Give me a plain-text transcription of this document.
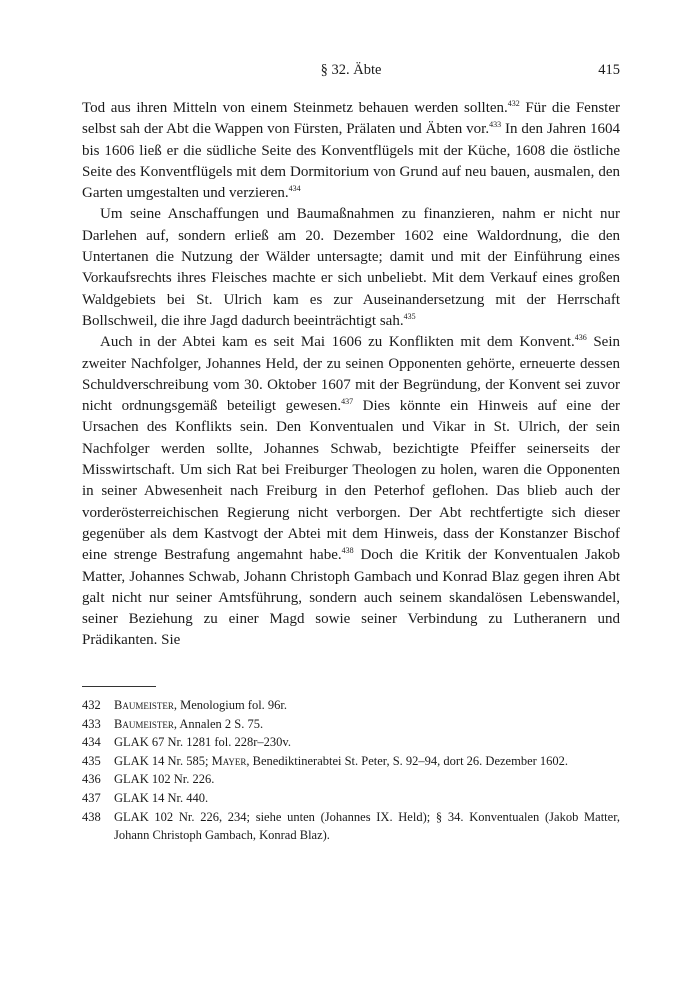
§ 32. Äbte	415

Tod aus ihren Mitteln von einem Steinmetz behauen werden sollten.$^{432}$ Für die Fenster selbst sah der Abt die Wappen von Fürsten, Prälaten und Äbten vor.$^{433}$ In den Jahren 1604 bis 1606 ließ er die südliche Seite des Konventflügels mit der Küche, 1608 die östliche Seite des Konventflügels mit dem Dormitorium von Grund auf neu bauen, ausmalen, den Garten umgestalten und verzieren.$^{434}$

Um seine Anschaffungen und Baumaßnahmen zu finanzieren, nahm er nicht nur Darlehen auf, sondern erließ am 20. Dezember 1602 eine Waldordnung, die den Untertanen die Nutzung der Wälder untersagte; damit und mit der Einführung eines Vorkaufsrechts ihres Fleisches machte er sich unbeliebt. Mit dem Verkauf eines großen Waldgebiets bei St. Ulrich kam es zur Auseinandersetzung mit der Herrschaft Bollschweil, die ihre Jagd dadurch beeinträchtigt sah.$^{435}$

Auch in der Abtei kam es seit Mai 1606 zu Konflikten mit dem Konvent.$^{436}$ Sein zweiter Nachfolger, Johannes Held, der zu seinen Opponenten gehörte, erneuerte dessen Schuldverschreibung vom 30. Oktober 1607 mit der Begründung, der Konvent sei zuvor nicht ordnungsgemäß beteiligt gewesen.$^{437}$ Dies könnte ein Hinweis auf eine der Ursachen des Konflikts sein. Den Konventualen und Vikar in St. Ulrich, der sein Nachfolger werden sollte, Johannes Schwab, bezichtigte Pfeiffer seinerseits der Misswirtschaft. Um sich Rat bei Freiburger Theologen zu holen, waren die Opponenten in seiner Abwesenheit nach Freiburg in den Peterhof geflohen. Das blieb auch der vorderösterreichischen Regierung nicht verborgen. Der Abt rechtfertigte sich dieser gegenüber als dem Kastvogt der Abtei mit dem Hinweis, dass der Konstanzer Bischof eine strenge Bestrafung angemahnt habe.$^{438}$ Doch die Kritik der Konventualen Jakob Matter, Johannes Schwab, Johann Christoph Gambach und Konrad Blaz gegen ihren Abt galt nicht nur seiner Amtsführung, sondern auch seinem skandalösen Lebenswandel, seiner Beziehung zu einer Magd sowie seiner Verbindung zu Lutheranern und Prädikanten. Sie

432	Baumeister, Menologium fol. 96r.
433	Baumeister, Annalen 2 S. 75.
434	GLAK 67 Nr. 1281 fol. 228r–230v.
435	GLAK 14 Nr. 585; Mayer, Benediktinerabtei St. Peter, S. 92–94, dort 26. Dezember 1602.
436	GLAK 102 Nr. 226.
437	GLAK 14 Nr. 440.
438	GLAK 102 Nr. 226, 234; siehe unten (Johannes IX. Held); § 34. Konventualen (Jakob Matter, Johann Christoph Gambach, Konrad Blaz).
